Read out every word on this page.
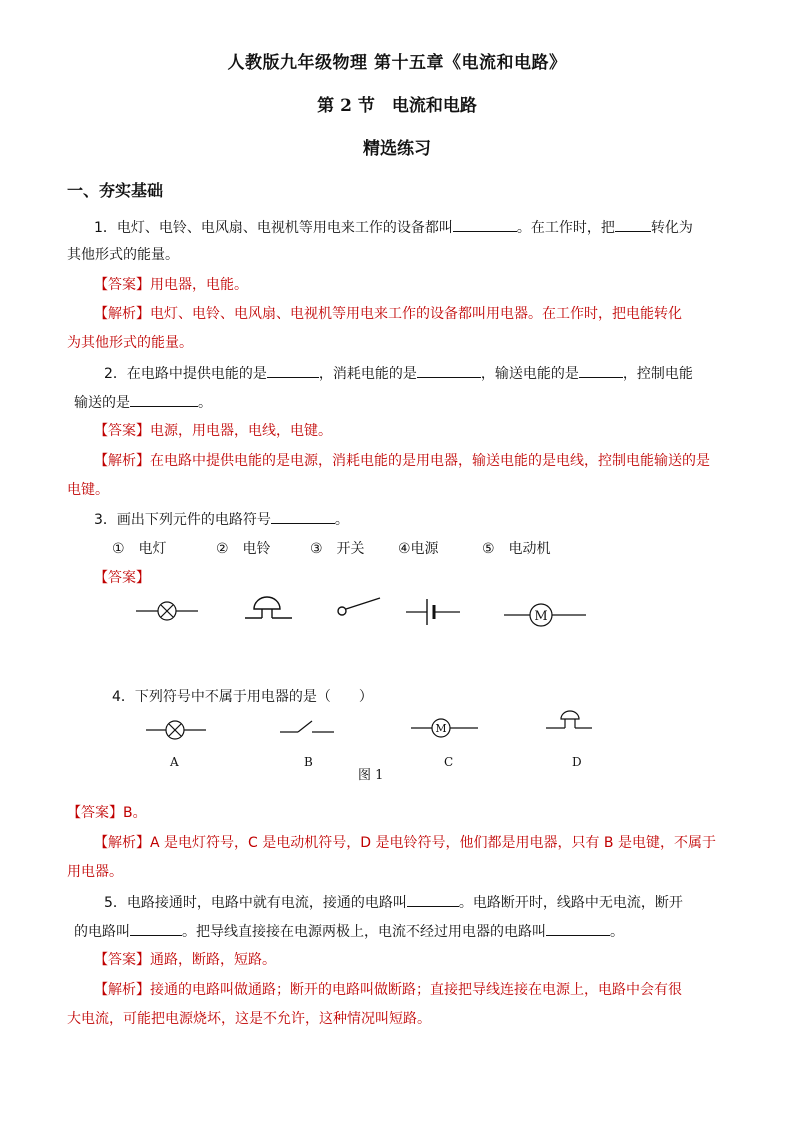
人教版九年级物理 第十五章《电流和电路》
第 2 节　电流和电路
精选练习
一、夯实基础
1．电灯、电铃、电风扇、电视机等用电来工作的设备都叫	。在工作时，把	转化为
其他形式的能量。
【答案】用电器，电能。
【解析】电灯、电铃、电风扇、电视机等用电来工作的设备都叫用电器。在工作时，把电能转化
为其他形式的能量。
2．在电路中提供电能的是	，消耗电能的是	，输送电能的是	，控制电能
输送的是	。
【答案】电源，用电器，电线，电键。
【解析】在电路中提供电能的是电源，消耗电能的是用电器，输送电能的是电线，控制电能输送的是
电键。
3．画出下列元件的电路符号	。
①　电灯	②　电铃	③　开关 ④电源	⑤　电动机
【答案】
M
4．下列符号中不属于用电器的是（　　）
M
A	B
图 1
C	D
【答案】B。
【解析】A 是电灯符号，C 是电动机符号，D 是电铃符号，他们都是用电器，只有 B 是电键，不属于
用电器。
5．电路接通时，电路中就有电流，接通的电路叫	。电路断开时，线路中无电流，断开
的电路叫	。把导线直接接在电源两极上，电流不经过用电器的电路叫	。
【答案】通路，断路，短路。
【解析】接通的电路叫做通路；断开的电路叫做断路；直接把导线连接在电源上，电路中会有很
大电流，可能把电源烧坏，这是不允许，这种情况叫短路。
